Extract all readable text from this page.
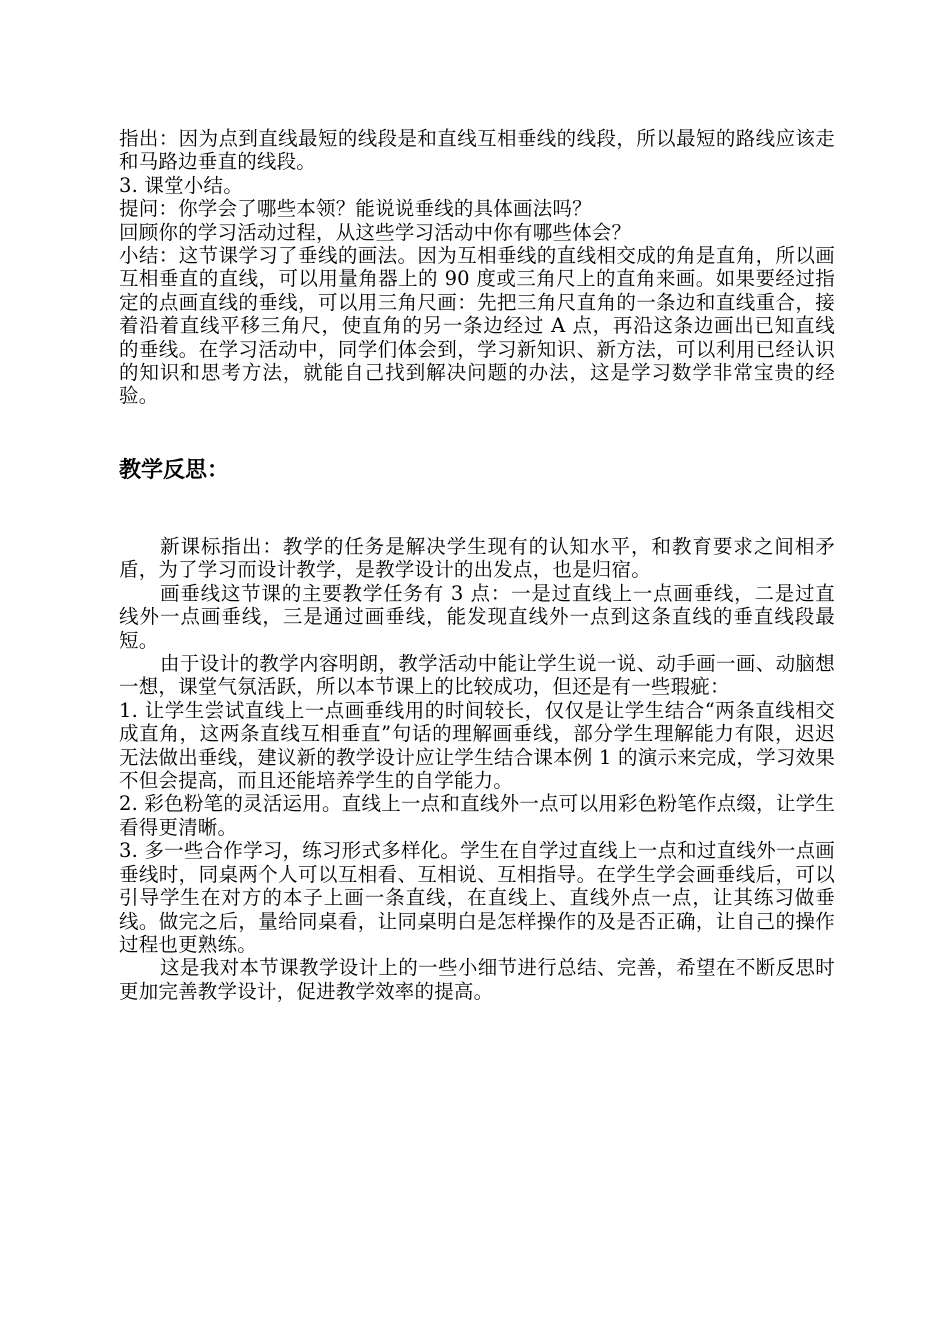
指出：因为点到直线最短的线段是和直线互相垂线的线段，所以最短的路线应该走和马路边垂直的线段。

3. 课堂小结。

提问：你学会了哪些本领？能说说垂线的具体画法吗？

回顾你的学习活动过程，从这些学习活动中你有哪些体会？

小结：这节课学习了垂线的画法。因为互相垂线的直线相交成的角是直角，所以画互相垂直的直线，可以用量角器上的 90 度或三角尺上的直角来画。如果要经过指定的点画直线的垂线，可以用三角尺画：先把三角尺直角的一条边和直线重合，接着沿着直线平移三角尺，使直角的另一条边经过 A 点，再沿这条边画出已知直线的垂线。在学习活动中，同学们体会到，学习新知识、新方法，可以利用已经认识的知识和思考方法，就能自己找到解决问题的办法，这是学习数学非常宝贵的经验。

教学反思：

新课标指出：教学的任务是解决学生现有的认知水平，和教育要求之间相矛盾，为了学习而设计教学，是教学设计的出发点，也是归宿。

画垂线这节课的主要教学任务有 3 点：一是过直线上一点画垂线，二是过直线外一点画垂线，三是通过画垂线，能发现直线外一点到这条直线的垂直线段最短。

由于设计的教学内容明朗，教学活动中能让学生说一说、动手画一画、动脑想一想，课堂气氛活跃，所以本节课上的比较成功，但还是有一些瑕疵：

1. 让学生尝试直线上一点画垂线用的时间较长，仅仅是让学生结合“两条直线相交成直角，这两条直线互相垂直”句话的理解画垂线，部分学生理解能力有限，迟迟无法做出垂线，建议新的教学设计应让学生结合课本例 1 的演示来完成，学习效果不但会提高，而且还能培养学生的自学能力。

2. 彩色粉笔的灵活运用。直线上一点和直线外一点可以用彩色粉笔作点缀，让学生看得更清晰。

3. 多一些合作学习，练习形式多样化。学生在自学过直线上一点和过直线外一点画垂线时，同桌两个人可以互相看、互相说、互相指导。在学生学会画垂线后，可以引导学生在对方的本子上画一条直线，在直线上、直线外点一点，让其练习做垂线。做完之后，量给同桌看，让同桌明白是怎样操作的及是否正确，让自己的操作过程也更熟练。

这是我对本节课教学设计上的一些小细节进行总结、完善，希望在不断反思时更加完善教学设计，促进教学效率的提高。
